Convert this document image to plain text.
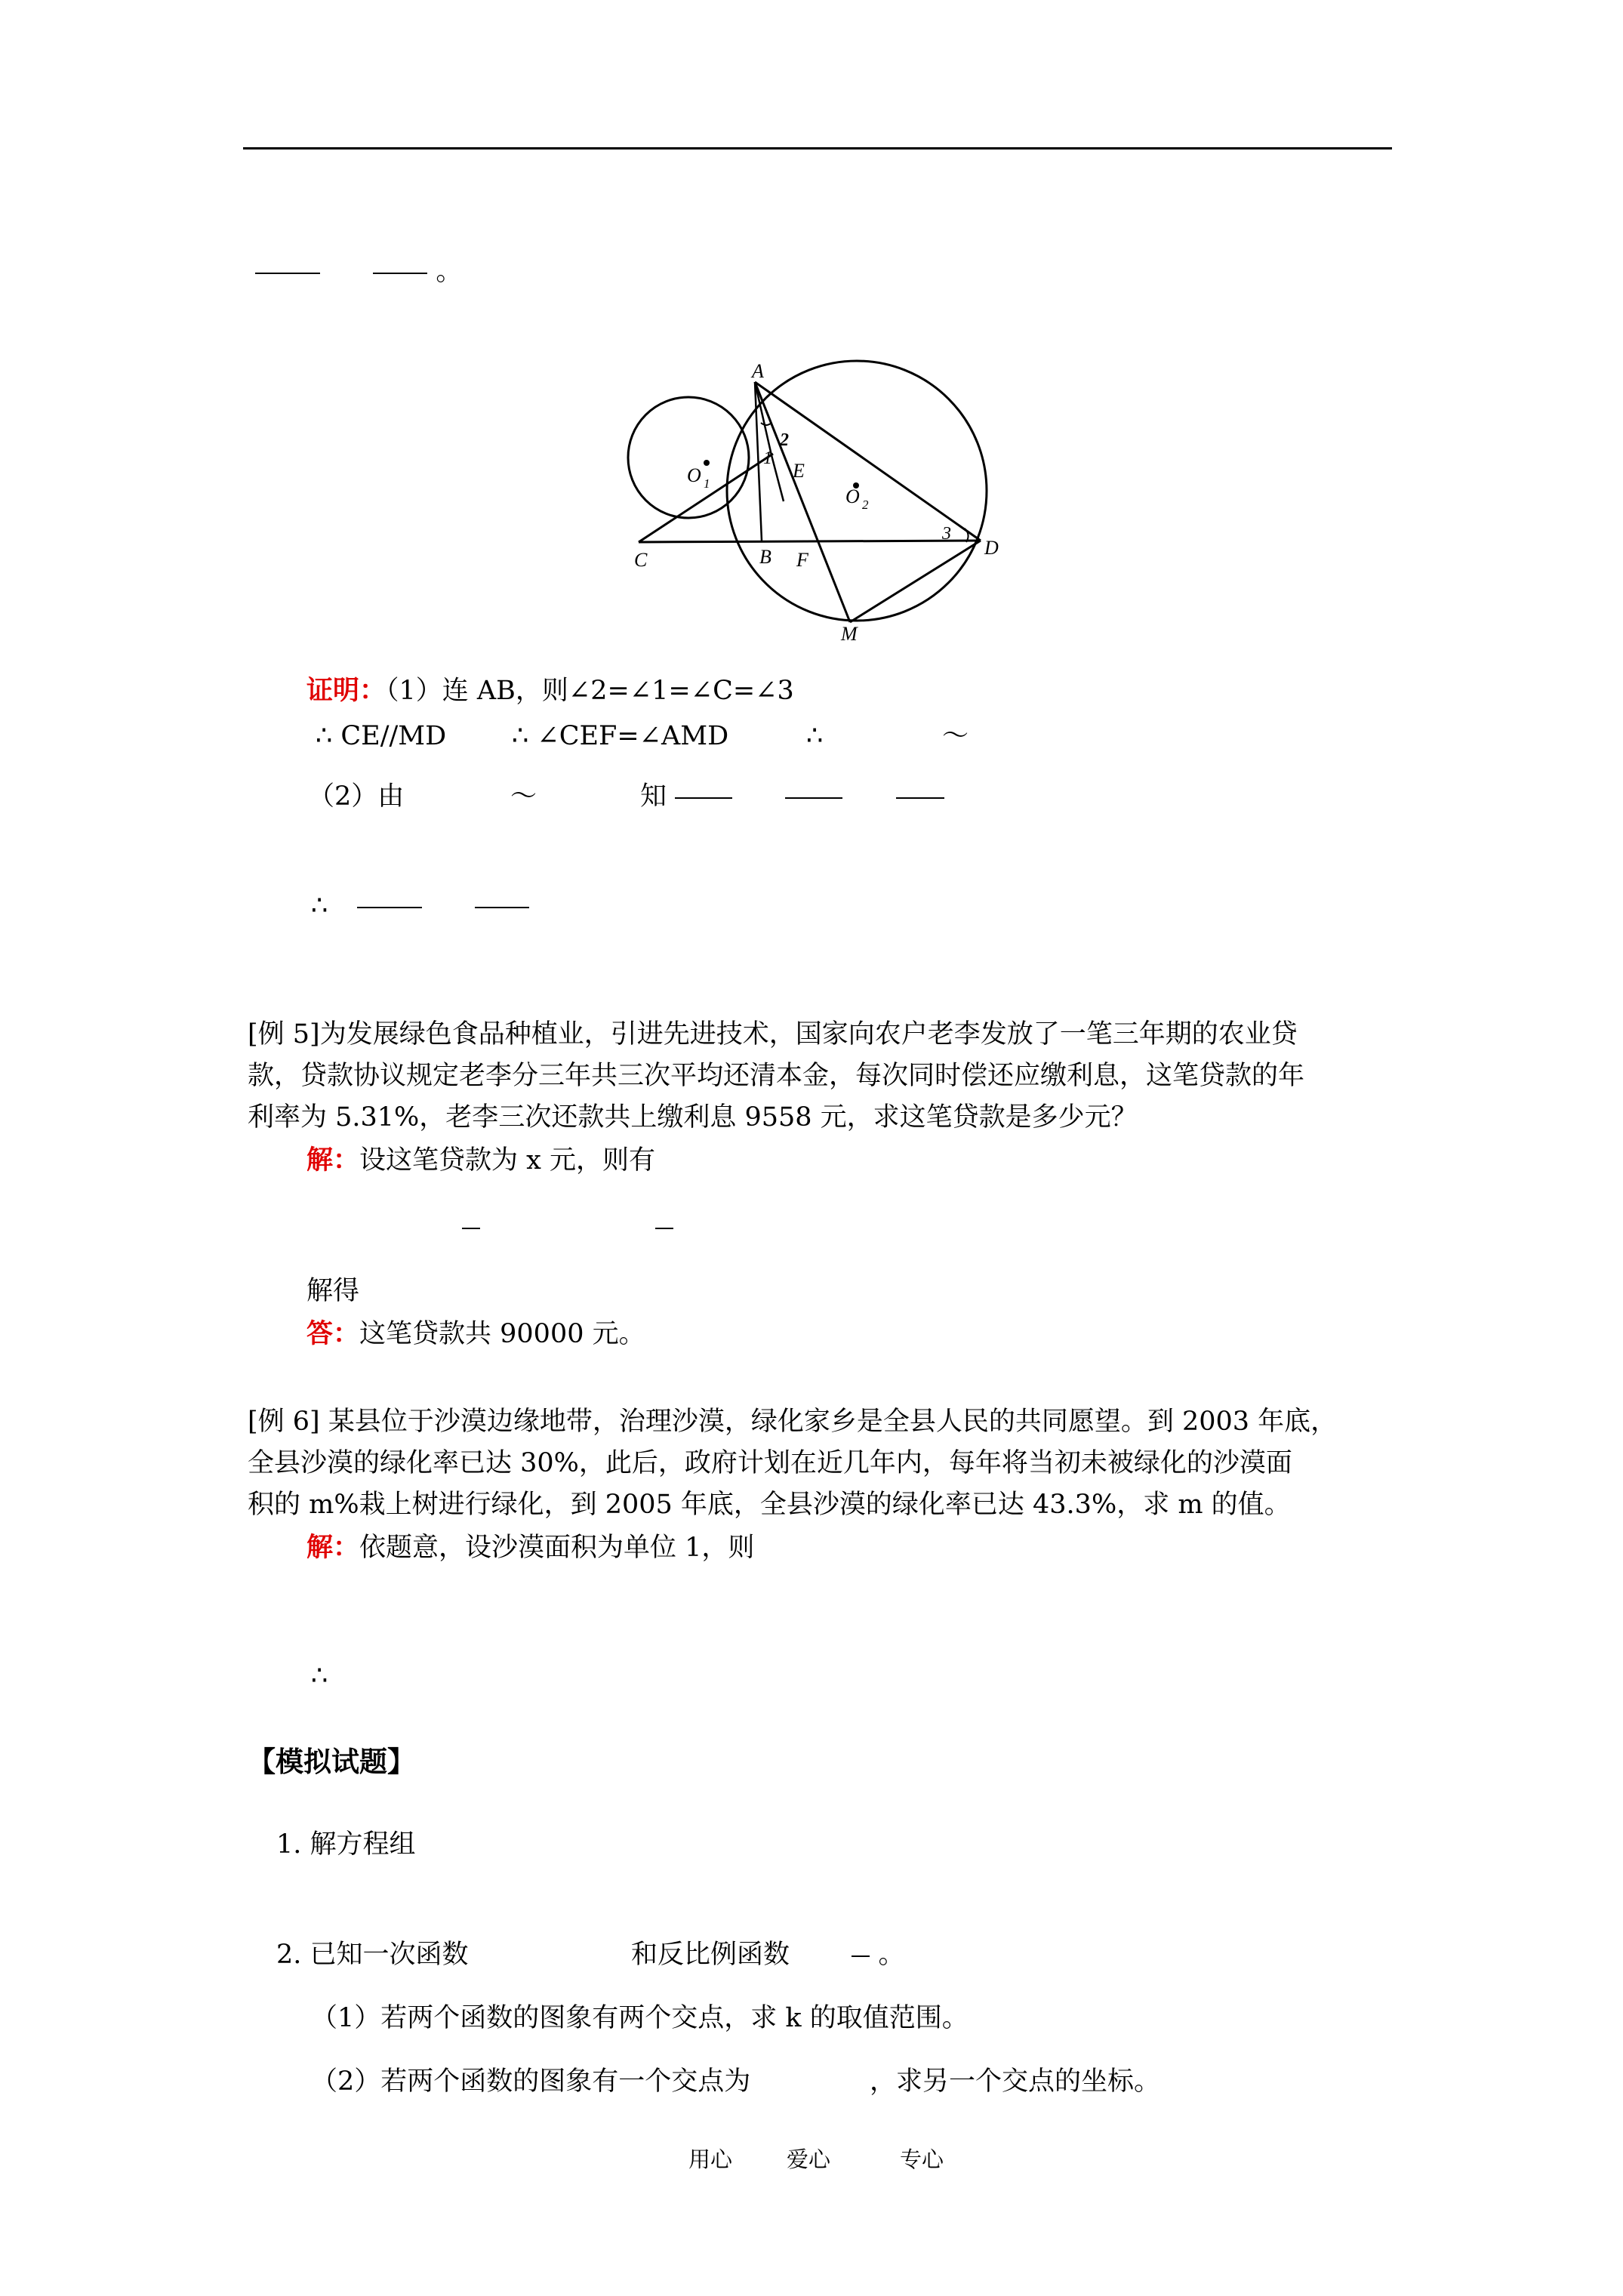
。
A
B
C
D
E
F
M
O 1
O 2
1
2
3
证明：（1）连 AB，则∠2=∠1=∠C=∠3
∴ CE//MD ∴ ∠CEF=∠AMD	∴	～
（2）由	～	知
∴
[例 5]为发展绿色食品种植业，引进先进技术，国家向农户老李发放了一笔三年期的农业贷
款，贷款协议规定老李分三年共三次平均还清本金，每次同时偿还应缴利息，这笔贷款的年
利率为 5.31%，老李三次还款共上缴利息 9558 元，求这笔贷款是多少元？
解：设这笔贷款为 x 元，则有

解得
答：这笔贷款共 90000 元。
[例 6] 某县位于沙漠边缘地带，治理沙漠，绿化家乡是全县人民的共同愿望。到 2003 年底，
全县沙漠的绿化率已达 30%，此后，政府计划在近几年内，每年将当初未被绿化的沙漠面
积的 m%栽上树进行绿化，到 2005 年底，全县沙漠的绿化率已达 43.3%，求 m 的值。
解：依题意，设沙漠面积为单位 1，则
∴
【模拟试题】
1. 解方程组
2. 已知一次函数	和反比例函数	。
（1）若两个函数的图象有两个交点，求 k 的取值范围。
（2）若两个函数的图象有一个交点为	，求另一个交点的坐标。
用心 爱心	专心
